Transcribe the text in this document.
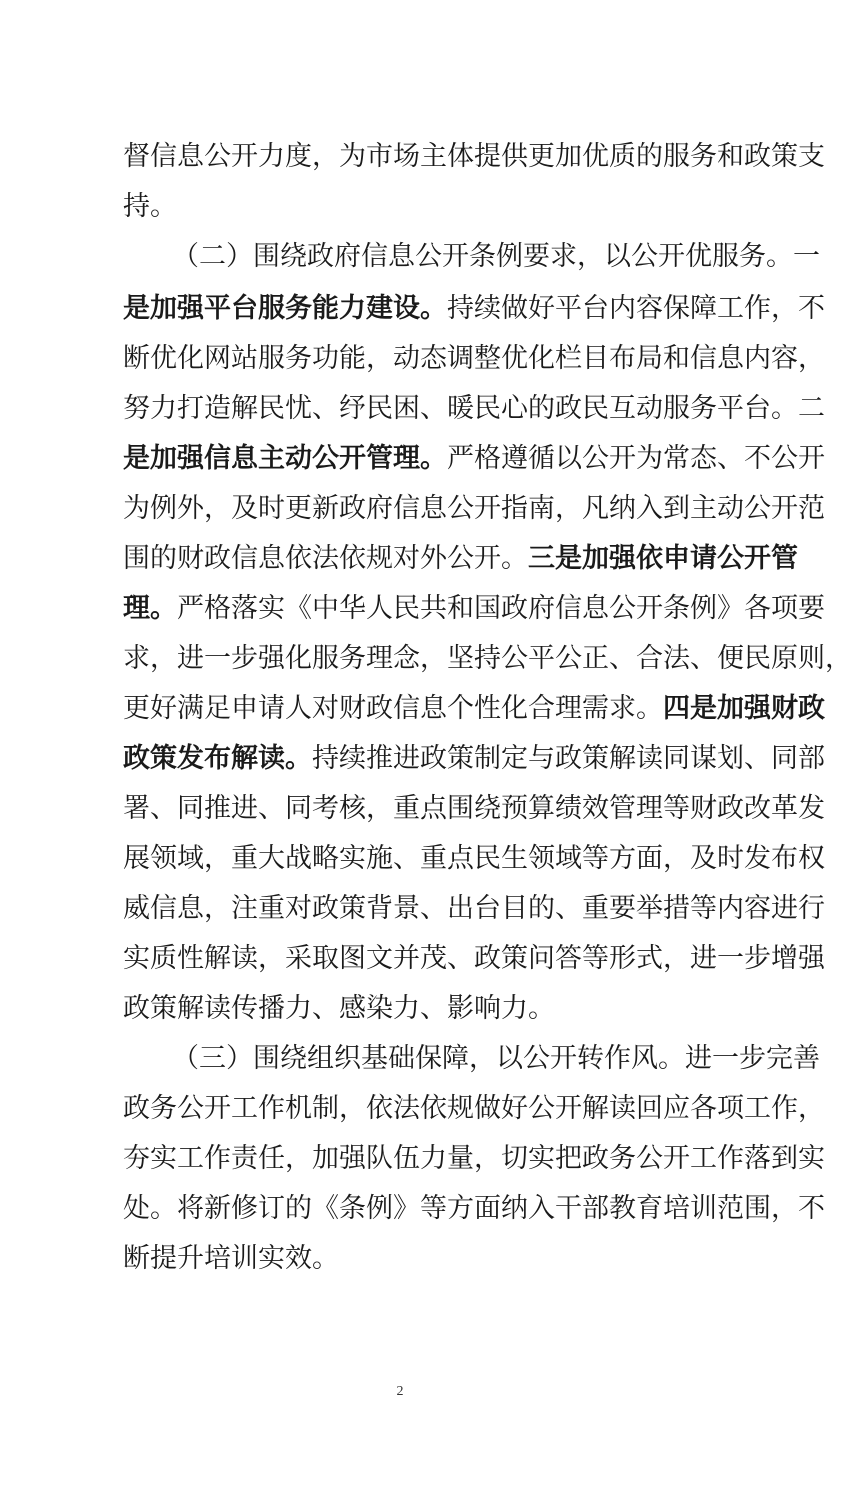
督信息公开力度，为市场主体提供更加优质的服务和政策支
持。
（二）围绕政府信息公开条例要求，以公开优服务。一
是加强平台服务能力建设。持续做好平台内容保障工作，不
断优化网站服务功能，动态调整优化栏目布局和信息内容，
努力打造解民忧、纾民困、暖民心的政民互动服务平台。二
是加强信息主动公开管理。严格遵循以公开为常态、不公开
为例外，及时更新政府信息公开指南，凡纳入到主动公开范
围的财政信息依法依规对外公开。三是加强依申请公开管
理。严格落实《中华人民共和国政府信息公开条例》各项要
求，进一步强化服务理念，坚持公平公正、合法、便民原则，
更好满足申请人对财政信息个性化合理需求。四是加强财政
政策发布解读。持续推进政策制定与政策解读同谋划、同部
署、同推进、同考核，重点围绕预算绩效管理等财政改革发
展领域，重大战略实施、重点民生领域等方面，及时发布权
威信息，注重对政策背景、出台目的、重要举措等内容进行
实质性解读，采取图文并茂、政策问答等形式，进一步增强
政策解读传播力、感染力、影响力。
（三）围绕组织基础保障，以公开转作风。进一步完善
政务公开工作机制，依法依规做好公开解读回应各项工作，
夯实工作责任，加强队伍力量，切实把政务公开工作落到实
处。将新修订的《条例》等方面纳入干部教育培训范围，不
断提升培训实效。
2
